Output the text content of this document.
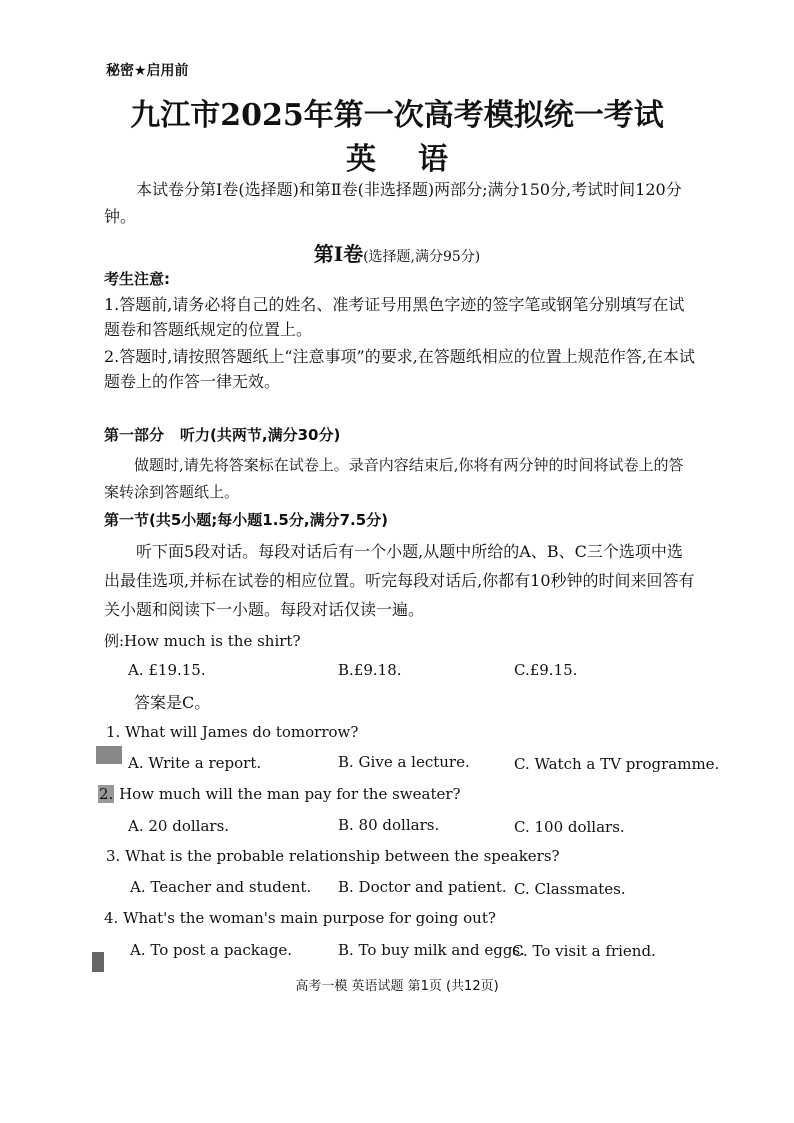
秘密★启用前
九江市2025年第一次高考模拟统一考试
英语
本试卷分第Ⅰ卷(选择题)和第Ⅱ卷(非选择题)两部分;满分150分,考试时间120分钟。
第Ⅰ卷(选择题,满分95分)
考生注意:
1.答题前,请务必将自己的姓名、准考证号用黑色字迹的签字笔或钢笔分别填写在试题卷和答题纸规定的位置上。
2.答题时,请按照答题纸上“注意事项”的要求,在答题纸相应的位置上规范作答,在本试题卷上的作答一律无效。
第一部分 听力(共两节,满分30分)
做题时,请先将答案标在试卷上。录音内容结束后,你将有两分钟的时间将试卷上的答案转涂到答题纸上。
第一节(共5小题;每小题1.5分,满分7.5分)
听下面5段对话。每段对话后有一个小题,从题中所给的A、B、C三个选项中选出最佳选项,并标在试卷的相应位置。听完每段对话后,你都有10秒钟的时间来回答有关小题和阅读下一小题。每段对话仅读一遍。
例:How much is the shirt?
A. £19.15.	B.£9.18.	C.£9.15.
答案是C。
1. What will James do tomorrow?
A. Write a report.	B. Give a lecture.	C. Watch a TV programme.
2. How much will the man pay for the sweater?
A. 20 dollars.	B. 80 dollars.	C. 100 dollars.
3. What is the probable relationship between the speakers?
A. Teacher and student. B. Doctor and patient. C. Classmates.
4. What's the woman's main purpose for going out?
A. To post a package.	B. To buy milk and eggs.
C. To visit a friend.
高考一模 英语试题 第1页 (共12页)
